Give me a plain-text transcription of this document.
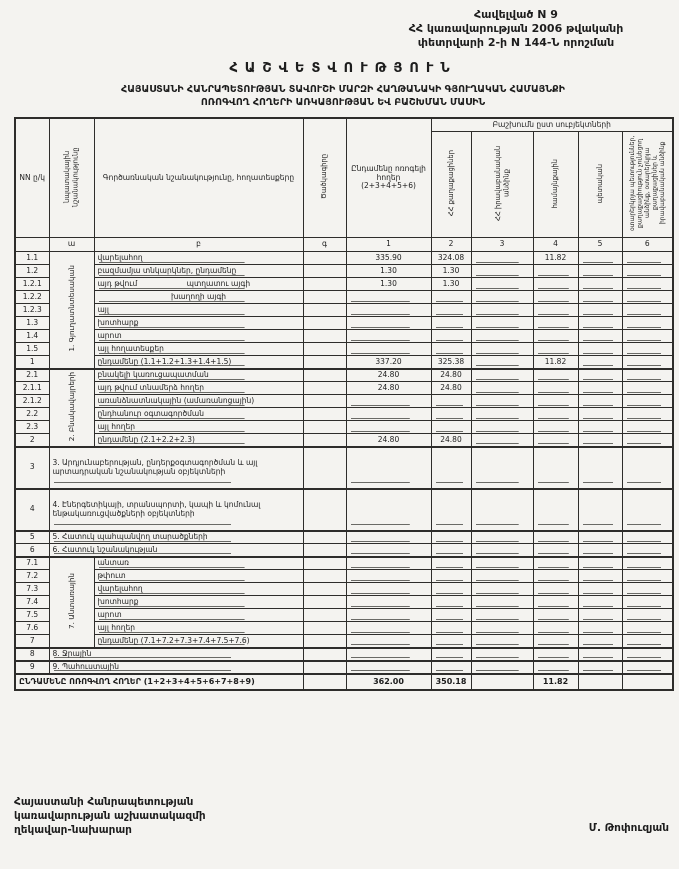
Հավելված N 9
ՀՀ կառավարության 2006 թվականի
փետրվարի 2-ի N 144-Ն որոշման
ՀԱՇՎԵՏՎՈՒԹՅՈՒՆ
ՀԱՅԱՍՏԱՆԻ ՀԱՆՐԱՊԵՏՈՒԹՅԱՆ ՏԱՎՈՒՇԻ ՄԱՐԶԻ ՀԱՂԹԱՆԱԿԻ ԳՅՈՒՂԱԿԱՆ ՀԱՄԱՅՆՔԻ
ՈՌՈԳՎՈՂ ՀՈՂԵՐԻ ԱՌԿԱՅՈՒԹՅԱՆ ԵՎ ԲԱՇԽՄԱՆ ՄԱՍԻՆ
NN ը/կ	նպատակային նշանակությունը	Գործառնական նշանակությունը, հողատեսքերը	Ծածկագիրը	Ընդամենը ոռոգելի հողեր (2+3+4+5+6)	Բաշխումն ըստ սուբյեկտների				
					ՀՀ քաղաքացիներ	ՀՀ իրավաբանական անձինք	համայնքային	պետական	օտարերկրյա պետություններ, քաղաքացիություն չունեցող անձինք, օտարերկրյա քաղաքացիներ և իրավաբանական անձինք
	ա	բ	գ	1	2	3	4	5	6
1.1	1. Գյուղատնտեսական	վարելահող		335.90	324.08		11.82		
1.2		բազմամյա տնկարկներ, ընդամենը		1.30	1.30				
1.2.1		այդ թվում պտղատու այգի		1.30	1.30				
1.2.2		խաղողի այգի							

1.2.3		այլ							
1.3		խոտհարք							
1.4		արոտ							
1.5		այլ հողատեսքեր							
1		ընդամենը (1.1+1.2+1.3+1.4+1.5)		337.20	325.38		11.82		
2.1	2. Բնակավայրերի	բնակելի կառուցապատման		24.80	24.80				
2.1.1		այդ թվում տնամերձ հողեր		24.80	24.80				
2.1.2		առանձնատնակային (ամառանոցային)							
2.2		ընդհանուր օգտագործման							
2.3		այլ հողեր							
2		ընդամենը (2.1+2.2+2.3)		24.80	24.80				
3	3. Արդյունաբերության, ընդերքօգտագործման և այլ արտադրական նշանակության օբյեկտների								
4	4. Էներգետիկայի, տրանսպորտի, կապի և կոմունալ ենթակառուցվածքների օբյեկտների								
5	5. Հատուկ պահպանվող տարածքների								
6	6. Հատուկ նշանակության								
7.1	7. Անտառային	անտառ							
7.2		թփուտ							
7.3		վարելահող							
7.4		խոտհարք							
7.5		արոտ							
7.6		այլ հողեր							
7		ընդամենը (7.1+7.2+7.3+7.4+7.5+7.6)							
8	8. Ջրային								
9	9. Պահուստային								
ԸՆԴԱՄԵՆԸ ՈՌՈԳՎՈՂ ՀՈՂԵՐ (1+2+3+4+5+6+7+8+9)				362.00	350.18		11.82		
Հայաստանի Հանրապետության
կառավարության աշխատակազմի
ղեկավար-նախարար	Մ. Թոփուզյան
